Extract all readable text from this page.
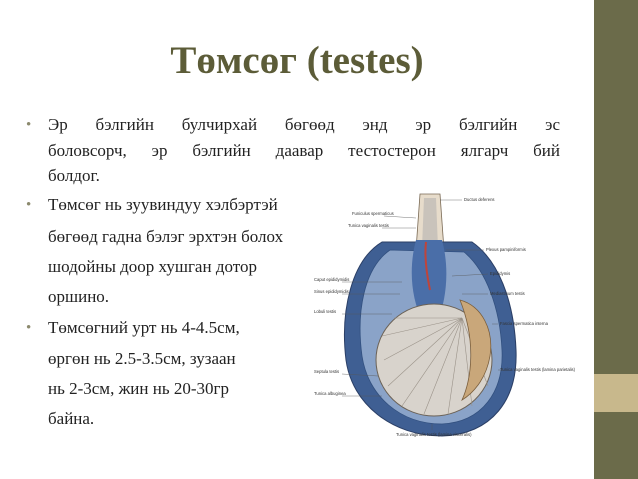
Төмсөг (testes)
• Эр бэлгийн булчирхай бөгөөд энд эр бэлгийн эс
боловсорч, эр бэлгийн даавар тестостерон ялгарч бий
болдог.
• Төмсөг нь зуувиндуу хэлбэртэй
бөгөөд гадна бэлэг эрхтэн болох
шодойны доор хушган дотор
оршино.
• Төмсөгний урт нь 4-4.5см,
өргөн нь 2.5-3.5см, зузаан
нь 2-3см, жин нь 20-30гр
байна.
Ductus deferens
Funiculus spermaticus
Tunica vaginalis testis
Plexus pampiniformis
Epididymis
Caput epididymidis
Sinus epididymidis	Mediastinum testis
Lobuli testis
Fascia spermatica interna
Septula testis	Tunica vaginalis testis (lamina parietalis)
Tunica albuginea
Tunica vaginalis testis (lamina visceralis)
